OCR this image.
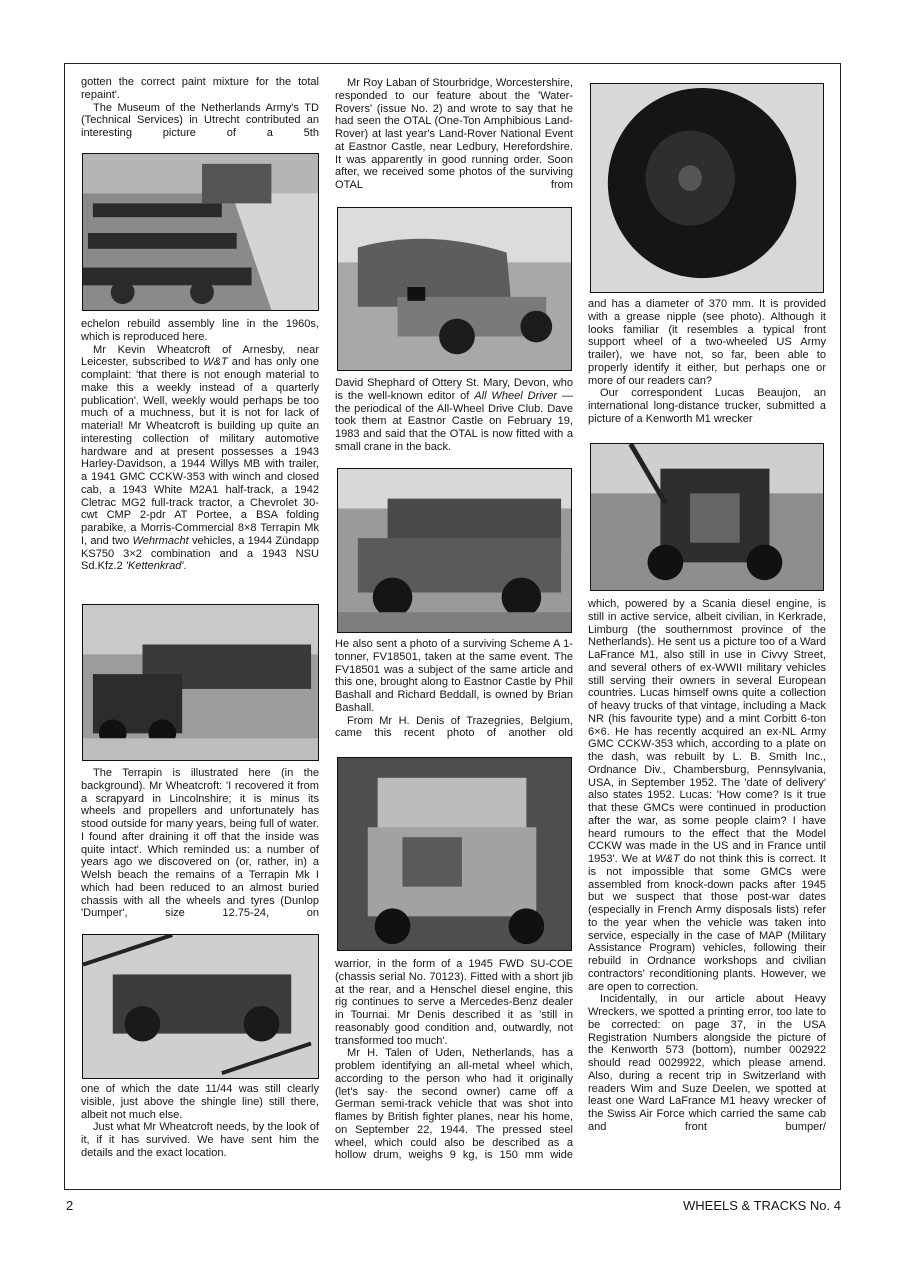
gotten the correct paint mixture for the total repaint'.

The Museum of the Netherlands Army's TD (Technical Services) in Utrecht contributed an interesting picture of a 5th

echelon rebuild assembly line in the 1960s, which is reproduced here.

Mr Kevin Wheatcroft of Arnesby, near Leicester, subscribed to W&T and has only one complaint: 'that there is not enough material to make this a weekly instead of a quarterly publication'. Well, weekly would perhaps be too much of a muchness, but it is not for lack of material! Mr Wheatcroft is building up quite an interesting collection of military automotive hardware and at present possesses a 1943 Harley-Davidson, a 1944 Willys MB with trailer, a 1941 GMC CCKW-353 with winch and closed cab, a 1943 White M2A1 half-track, a 1942 Cletrac MG2 full-track tractor, a Chevrolet 30-cwt CMP 2-pdr AT Portee, a BSA folding parabike, a Morris-Commercial 8×8 Terrapin Mk I, and two Wehrmacht vehicles, a 1944 Zündapp KS750 3×2 combination and a 1943 NSU Sd.Kfz.2 'Kettenkrad'.

The Terrapin is illustrated here (in the background). Mr Wheatcroft: 'I recovered it from a scrapyard in Lincolnshire; it is minus its wheels and propellers and unfortunately has stood outside for many years, being full of water. I found after draining it off that the inside was quite intact'. Which reminded us: a number of years ago we discovered on (or, rather, in) a Welsh beach the remains of a Terrapin Mk I which had been reduced to an almost buried chassis with all the wheels and tyres (Dunlop 'Dumper', size 12.75-24, on

one of which the date 11/44 was still clearly visible, just above the shingle line) still there, albeit not much else.

Just what Mr Wheatcroft needs, by the look of it, if it has survived. We have sent him the details and the exact location.

Mr Roy Laban of Stourbridge, Worcestershire, responded to our feature about the 'Water-Rovers' (issue No. 2) and wrote to say that he had seen the OTAL (One-Ton Amphibious Land-Rover) at last year's Land-Rover National Event at Eastnor Castle, near Ledbury, Herefordshire. It was apparently in good running order. Soon after, we received some photos of the surviving OTAL from

David Shephard of Ottery St. Mary, Devon, who is the well-known editor of All Wheel Driver — the periodical of the All-Wheel Drive Club. Dave took them at Eastnor Castle on February 19, 1983 and said that the OTAL is now fitted with a small crane in the back.

He also sent a photo of a surviving Scheme A 1-tonner, FV18501, taken at the same event. The FV18501 was a subject of the same article and this one, brought along to Eastnor Castle by Phil Bashall and Richard Beddall, is owned by Brian Bashall.

From Mr H. Denis of Trazegnies, Belgium, came this recent photo of another old

warrior, in the form of a 1945 FWD SU-COE (chassis serial No. 70123). Fitted with a short jib at the rear, and a Henschel diesel engine, this rig continues to serve a Mercedes-Benz dealer in Tournai. Mr Denis described it as 'still in reasonably good condition and, outwardly, not transformed too much'.

Mr H. Talen of Uden, Netherlands, has a problem identifying an all-metal wheel which, according to the person who had it originally (let's say· the second owner) came off a German semi-track vehicle that was shot into flames by British fighter planes, near his home, on September 22, 1944. The pressed steel wheel, which could also be described as a hollow drum, weighs 9 kg, is 150 mm wide

and has a diameter of 370 mm. It is provided with a grease nipple (see photo). Although it looks familiar (it resembles a typical front support wheel of a two-wheeled US Army trailer), we have not, so far, been able to properly identify it either, but perhaps one or more of our readers can?

Our correspondent Lucas Beaujon, an international long-distance trucker, submitted a picture of a Kenworth M1 wrecker

which, powered by a Scania diesel engine, is still in active service, albeit civilian, in Kerkrade, Limburg (the southernmost province of the Netherlands). He sent us a picture too of a Ward LaFrance M1, also still in use in Civvy Street, and several others of ex-WWII military vehicles still serving their owners in several European countries. Lucas himself owns quite a collection of heavy trucks of that vintage, including a Mack NR (his favourite type) and a mint Corbitt 6-ton 6×6. He has recently acquired an ex-NL Army GMC CCKW-353 which, according to a plate on the dash, was rebuilt by L. B. Smith Inc., Ordnance Div., Chambersburg, Pennsylvania, USA, in September 1952. The 'date of delivery' also states 1952. Lucas: 'How come? Is it true that these GMCs were continued in production after the war, as some people claim? I have heard rumours to the effect that the Model CCKW was made in the US and in France until 1953'. We at W&T do not think this is correct. It is not impossible that some GMCs were assembled from knock-down packs after 1945 but we suspect that those post-war dates (especially in French Army disposals lists) refer to the year when the vehicle was taken into service, especially in the case of MAP (Military Assistance Program) vehicles, following their rebuild in Ordnance workshops and civilian contractors' reconditioning plants. However, we are open to correction.

Incidentally, in our article about Heavy Wreckers, we spotted a printing error, too late to be corrected: on page 37, in the USA Registration Numbers alongside the picture of the Kenworth 573 (bottom), number 002922 should read 0029922, which please amend. Also, during a recent trip in Switzerland with readers Wim and Suze Deelen, we spotted at least one Ward LaFrance M1 heavy wrecker of the Swiss Air Force which carried the same cab and front bumper/

2	WHEELS & TRACKS No. 4
